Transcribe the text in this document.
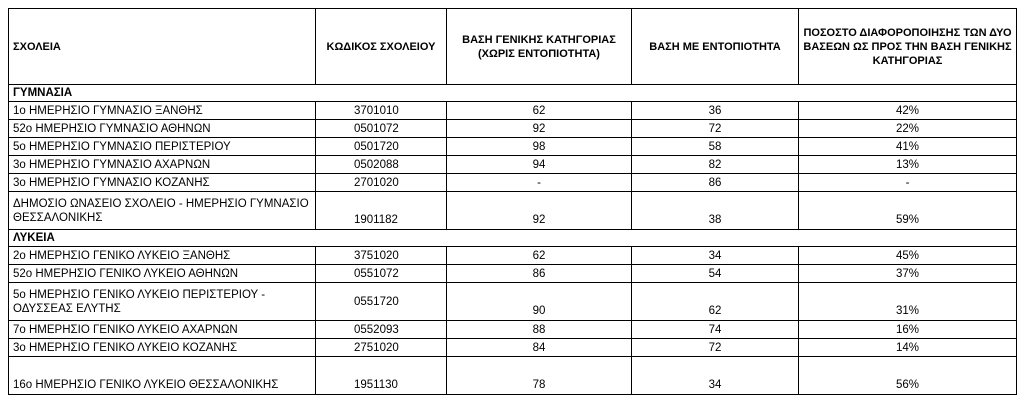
ΣΧΟΛΕΙΑ	ΚΩΔΙΚΟΣ ΣΧΟΛΕΙΟΥ	ΒΑΣΗ ΓΕΝΙΚΗΣ ΚΑΤΗΓΟΡΙΑΣ (ΧΩΡΙΣ ΕΝΤΟΠΙΟΤΗΤΑ)	ΒΑΣΗ ΜΕ ΕΝΤΟΠΙΟΤΗΤΑ	ΠΟΣΟΣΤΟ ΔΙΑΦΟΡΟΠΟΙΗΣΗΣ ΤΩΝ ΔΥΟ ΒΑΣΕΩΝ ΩΣ ΠΡΟΣ ΤΗΝ ΒΑΣΗ ΓΕΝΙΚΗΣ ΚΑΤΗΓΟΡΙΑΣ
ΓΥΜΝΑΣΙΑ				
1ο ΗΜΕΡΗΣΙΟ ΓΥΜΝΑΣΙΟ ΞΑΝΘΗΣ	3701010	62	36	42%
52ο ΗΜΕΡΗΣΙΟ ΓΥΜΝΑΣΙΟ ΑΘΗΝΩΝ	0501072	92	72	22%
5ο ΗΜΕΡΗΣΙΟ ΓΥΜΝΑΣΙΟ ΠΕΡΙΣΤΕΡΙΟΥ	0501720	98	58	41%
3ο ΗΜΕΡΗΣΙΟ ΓΥΜΝΑΣΙΟ ΑΧΑΡΝΩΝ	0502088	94	82	13%
3ο ΗΜΕΡΗΣΙΟ ΓΥΜΝΑΣΙΟ ΚΟΖΑΝΗΣ	2701020	-	86	-
ΔΗΜΟΣΙΟ ΩΝΑΣΕΙΟ ΣΧΟΛΕΙΟ - ΗΜΕΡΗΣΙΟ ΓΥΜΝΑΣΙΟ ΘΕΣΣΑΛΟΝΙΚΗΣ	1901182	92	38	59%
ΛΥΚΕΙΑ				
2ο ΗΜΕΡΗΣΙΟ ΓΕΝΙΚΟ ΛΥΚΕΙΟ ΞΑΝΘΗΣ	3751020	62	34	45%
52ο ΗΜΕΡΗΣΙΟ ΓΕΝΙΚΟ ΛΥΚΕΙΟ ΑΘΗΝΩΝ	0551072	86	54	37%
5ο ΗΜΕΡΗΣΙΟ ΓΕΝΙΚΟ ΛΥΚΕΙΟ ΠΕΡΙΣΤΕΡΙΟΥ - ΟΔΥΣΣΕΑΣ ΕΛΥΤΗΣ	0551720	90	62	31%
7ο ΗΜΕΡΗΣΙΟ ΓΕΝΙΚΟ ΛΥΚΕΙΟ ΑΧΑΡΝΩΝ	0552093	88	74	16%
3ο ΗΜΕΡΗΣΙΟ ΓΕΝΙΚΟ ΛΥΚΕΙΟ ΚΟΖΑΝΗΣ	2751020	84	72	14%
16ο ΗΜΕΡΗΣΙΟ ΓΕΝΙΚΟ ΛΥΚΕΙΟ ΘΕΣΣΑΛΟΝΙΚΗΣ	1951130	78	34	56%
